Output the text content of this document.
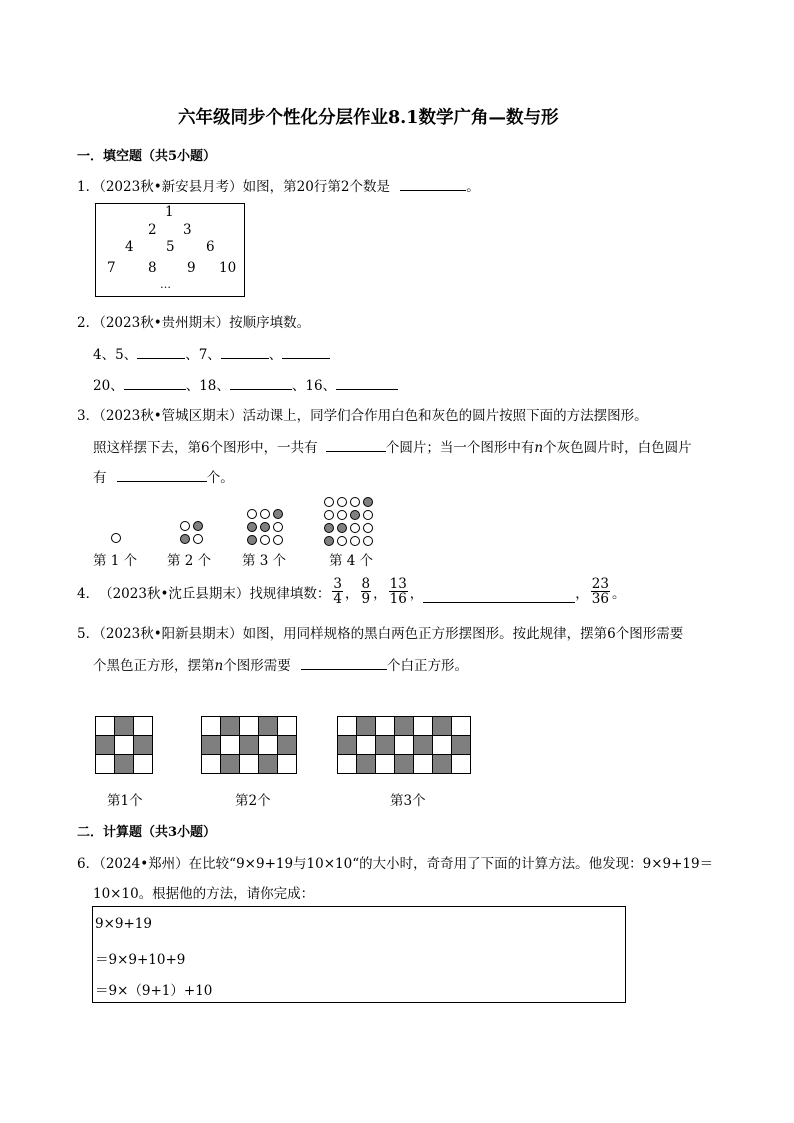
六年级同步个性化分层作业8.1数学广角—数与形
一．填空题（共5小题）
1．（2023秋•新安县月考）如图，第20行第2个数是	。
1
2 3
4 5 6
7 8 9 10
…
2．（2023秋•贵州期末）按顺序填数。
4、5、	、7、	、
20、	、18、	、16、
3．（2023秋•管城区期末）活动课上，同学们合作用白色和灰色的圆片按照下面的方法摆图形。
照这样摆下去，第6个图形中，一共有	个圆片；当一个图形中有n个灰色圆片时，白色圆片
有	个。
第 1 个 第 2 个 第 3 个	第 4 个
4． （2023秋•沈丘县期末） 找规律填数： $\frac{3}{4}$ ， $\frac{8}{9}$ ， $\frac{13}{16}$ ，	， $\frac{23}{36}$ 。
5．（2023秋•阳新县期末）如图，用同样规格的黑白两色正方形摆图形。按此规律，摆第6个图形需要
个黑色正方形，摆第n个图形需要	个白正方形。
第1个	第2个	第3个
二．计算题（共3小题）
6．（2024•郑州）在比较“9×9+19与10×10“的大小时，奇奇用了下面的计算方法。他发现：9×9+19＝
10×10。根据他的方法，请你完成：
9×9+19
＝9×9+10+9
＝9×（9+1）+10
